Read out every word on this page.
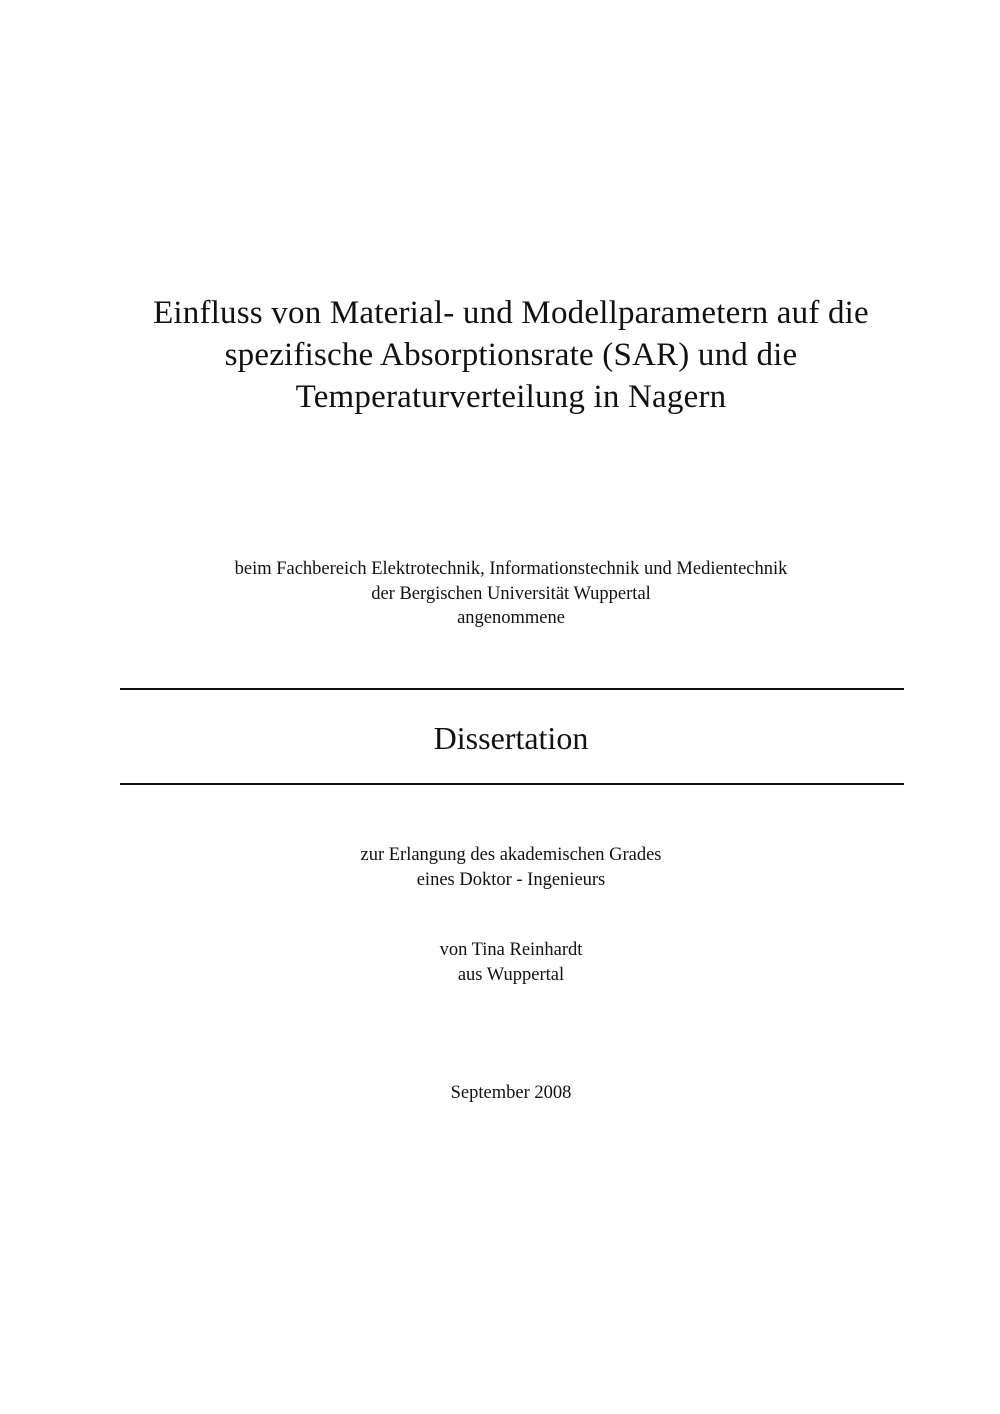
Einfluss von Material- und Modellparametern auf die
spezifische Absorptionsrate (SAR) und die
Temperaturverteilung in Nagern
beim Fachbereich Elektrotechnik, Informationstechnik und Medientechnik
der Bergischen Universität Wuppertal
angenommene
Dissertation
zur Erlangung des akademischen Grades
eines Doktor - Ingenieurs
von Tina Reinhardt
aus Wuppertal
September 2008
